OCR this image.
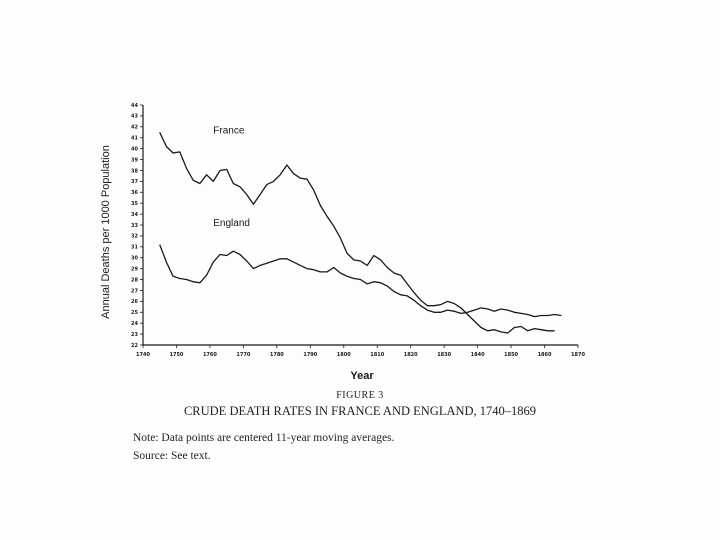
44
43
42
41
40
39
38
37
36
35
34
33
32
31
30
29
28
27
26
25
24
23
22
1740	1750	1760	1770	1780	1790	1800	1810	1820	1830	1840	1850	1860	1870
France
England
Annual Deaths per 1000 Population
Year
FIGURE 3
CRUDE DEATH RATES IN FRANCE AND ENGLAND, 1740–1869
Note: Data points are centered 11-year moving averages.
Source: See text.
